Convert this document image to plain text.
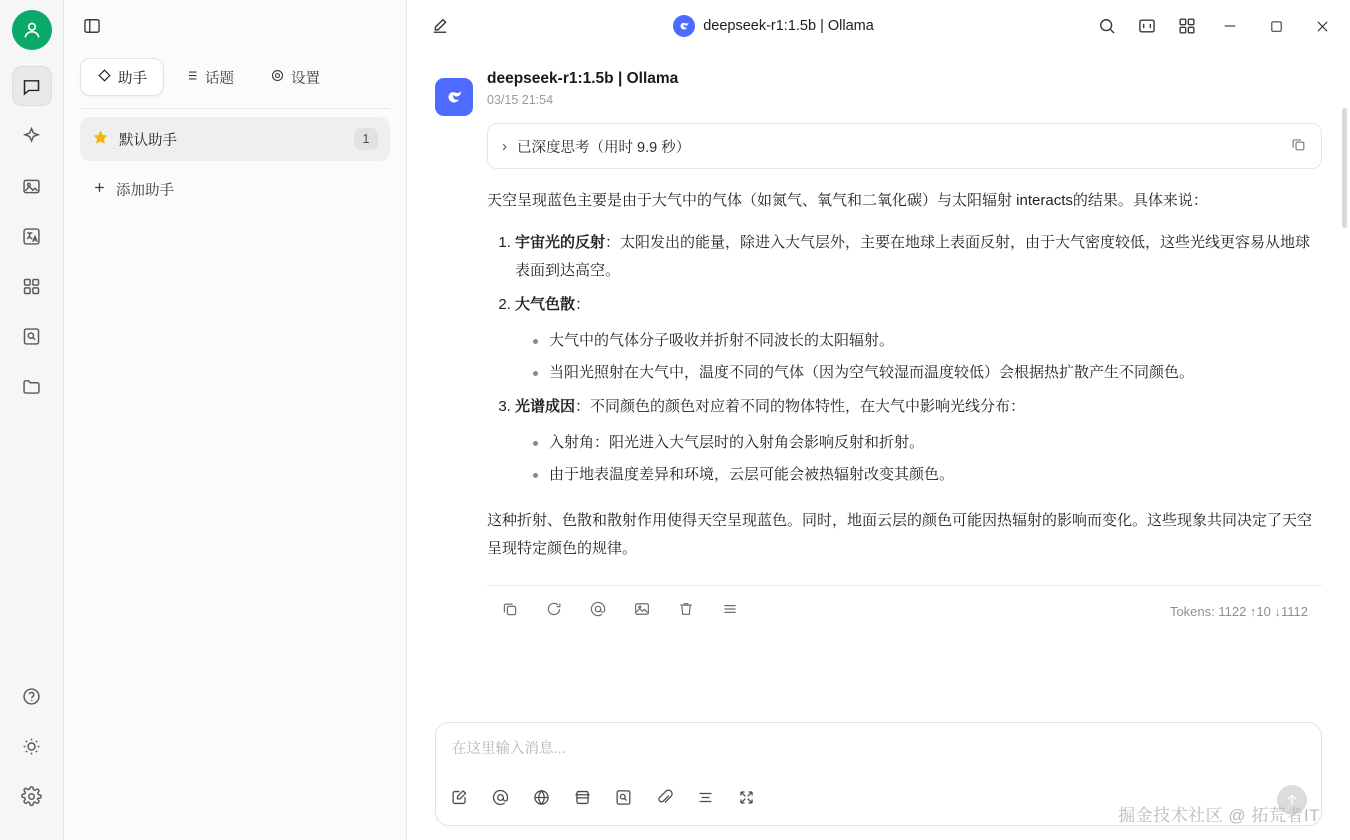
助手	话题	设置
默认助手	1
添加助手
deepseek-r1:1.5b | Ollama
deepseek-r1:1.5b | Ollama
03/15 21:54
› 已深度思考（用时 9.9 秒）
天空呈现蓝色主要是由于大气中的气体（如氮气、氧气和二氧化碳）与太阳辐射 interacts的结果。具体来说：
1. 宇宙光的反射：太阳发出的能量，除进入大气层外，主要在地球上表面反射，由于大气密度较低，这些光线更容易从地球表面到达高空。
2. 大气色散：
大气中的气体分子吸收并折射不同波长的太阳辐射。
当阳光照射在大气中，温度不同的气体（因为空气较湿而温度较低）会根据热扩散产生不同颜色。
3. 光谱成因：不同颜色的颜色对应着不同的物体特性，在大气中影响光线分布：
入射角：阳光进入大气层时的入射角会影响反射和折射。
由于地表温度差异和环境，云层可能会被热辐射改变其颜色。
这种折射、色散和散射作用使得天空呈现蓝色。同时，地面云层的颜色可能因热辐射的影响而变化。这些现象共同决定了天空呈现特定颜色的规律。
Tokens: 1122 ↑10 ↓1112
在这里输入消息...
掘金技术社区 @ 拓荒者IT
